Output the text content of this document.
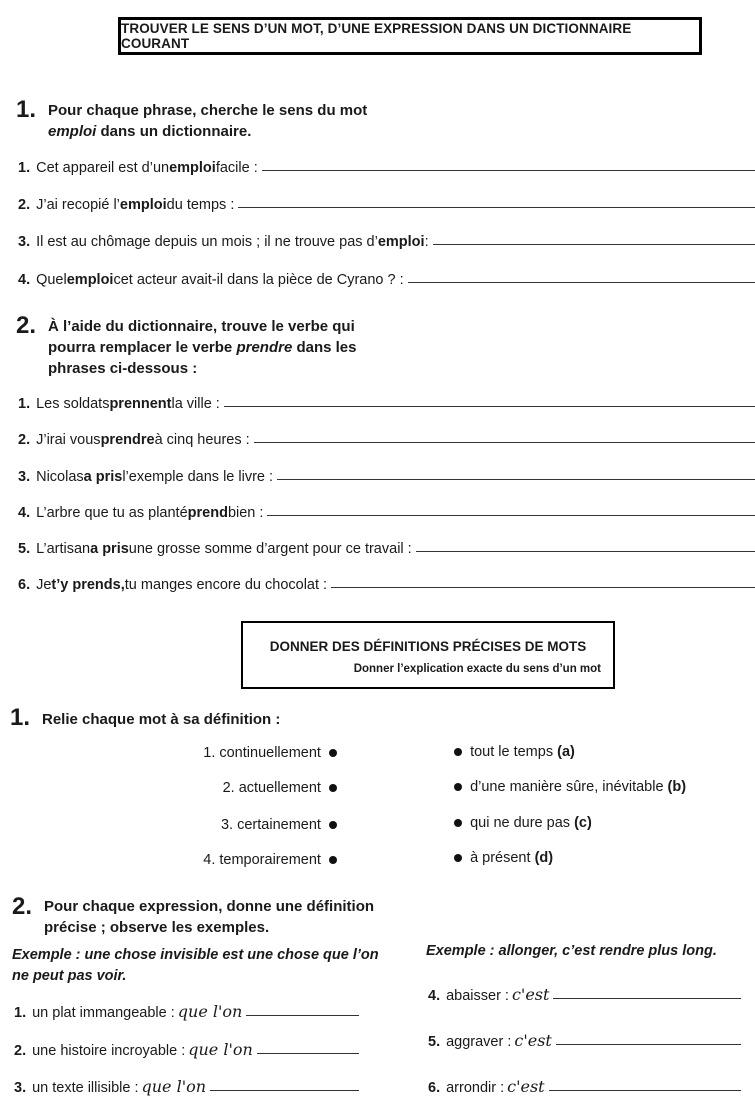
TROUVER LE SENS D’UN MOT, D’UNE EXPRESSION DANS UN DICTIONNAIRE COURANT
1. Pour chaque phrase, cherche le sens du mot
emploi dans un dictionnaire.
1. Cet appareil est d’un emploi facile :
2. J’ai recopié l’ emploi du temps :
3. Il est au chômage depuis un mois ; il ne trouve pas d’ emploi :
4. Quel emploi cet acteur avait-il dans la pièce de Cyrano ? :
2. À l’aide du dictionnaire, trouve le verbe qui
pourra remplacer le verbe prendre dans les
phrases ci-dessous :
1. Les soldats prennent la ville :
2. J’irai vous prendre à cinq heures :
3. Nicolas a pris l’exemple dans le livre :
4. L’arbre que tu as planté prend bien :
5. L’artisan a pris une grosse somme d’argent pour ce travail :
6. Je t’y prends, tu manges encore du chocolat :
DONNER DES DÉFINITIONS PRÉCISES DE MOTS
Donner l’explication exacte du sens d’un mot
1. Relie chaque mot à sa définition :
1. continuellement
2. actuellement
3. certainement
4. temporairement
tout le temps (a)
d’une manière sûre, inévitable (b)
qui ne dure pas (c)
à présent (d)
2. Pour chaque expression, donne une définition
précise ; observe les exemples.
Exemple : une chose invisible est une chose que l’on
ne peut pas voir.
Exemple : allonger, c’est rendre plus long.
1. un plat immangeable : que l'on
2. une histoire incroyable : que l'on
3. un texte illisible : que l'on
4. abaisser : c'est
5. aggraver : c'est
6. arrondir : c'est
